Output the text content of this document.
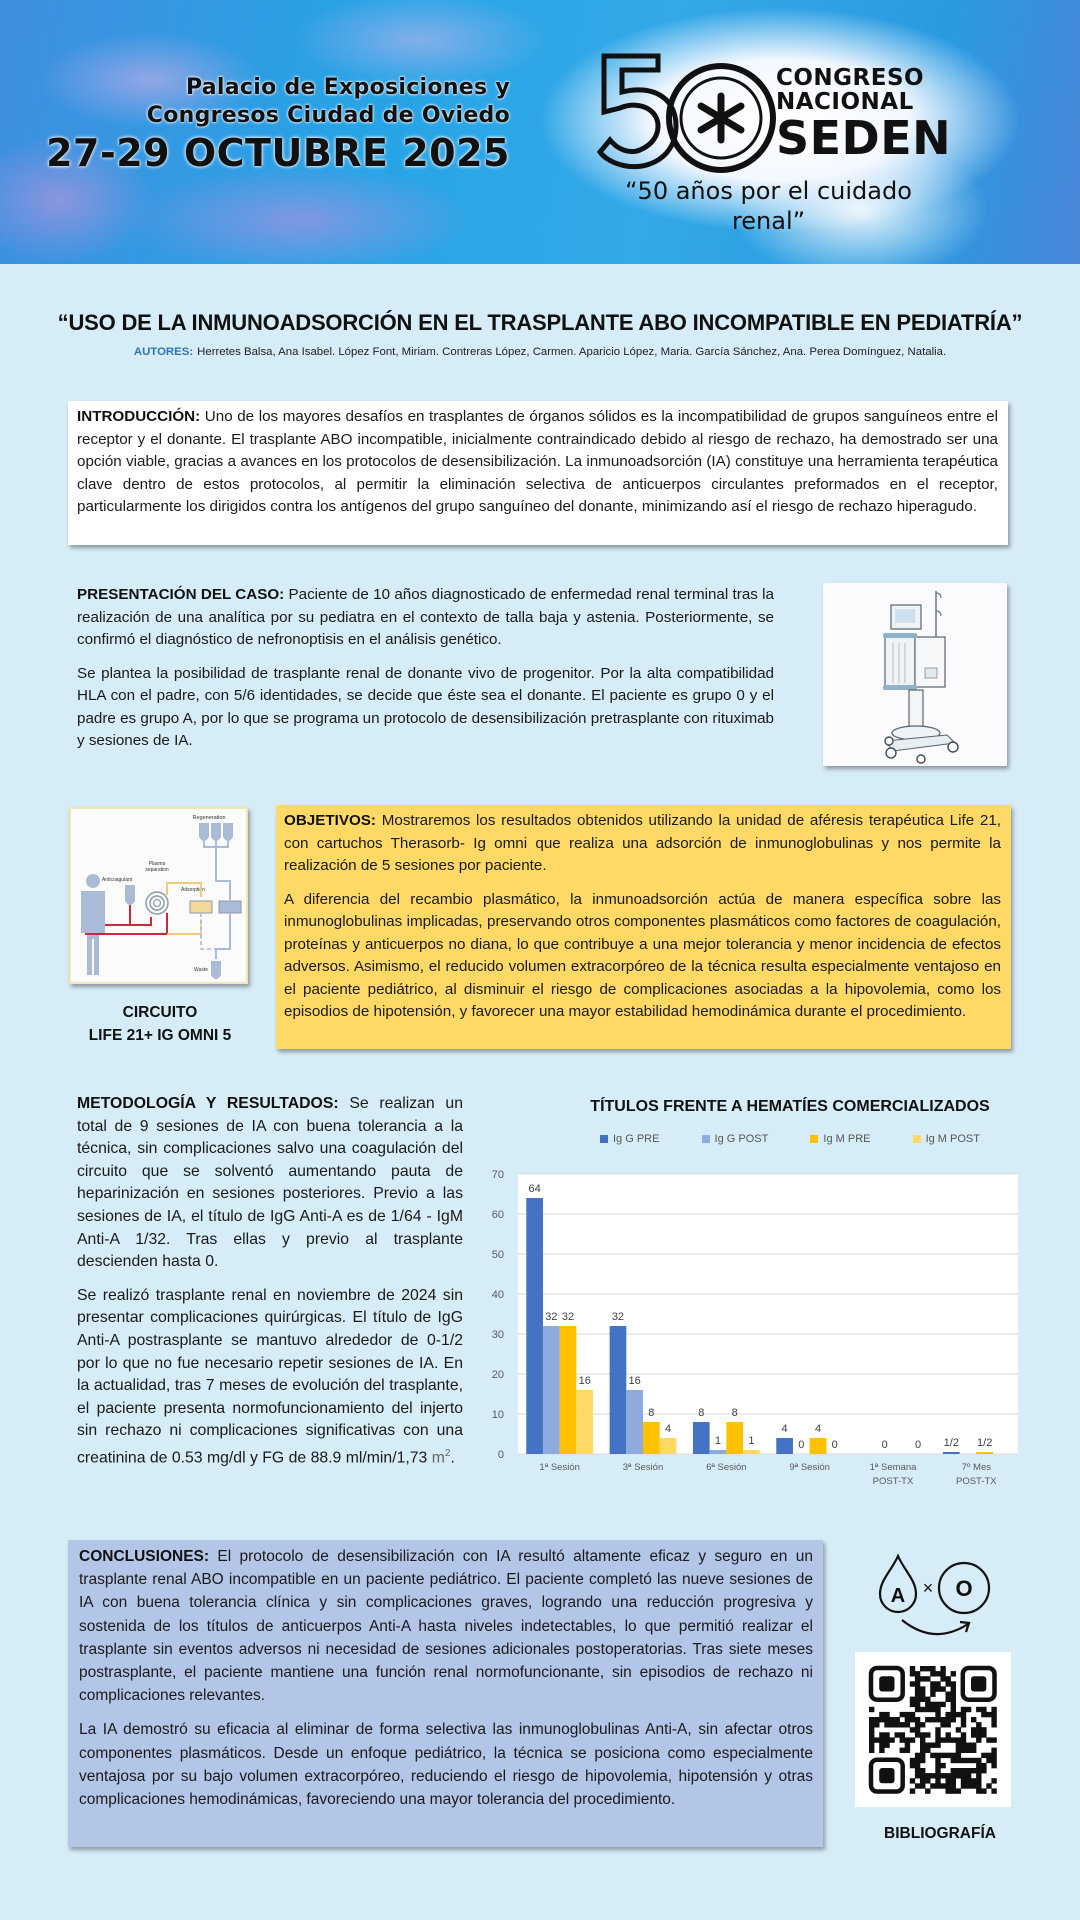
Palacio de Exposiciones y
Congresos Ciudad de Oviedo
27-29 OCTUBRE 2025
CONGRESO
NACIONAL
SEDEN
“50 años por el cuidado renal”
“USO DE LA INMUNOADSORCIÓN EN EL TRASPLANTE ABO INCOMPATIBLE EN PEDIATRÍA”
AUTORES: Herretes Balsa, Ana Isabel. López Font, Miriam. Contreras López, Carmen. Aparicio López, Maria. García Sánchez, Ana. Perea Domínguez, Natalia.
INTRODUCCIÓN: Uno de los mayores desafíos en trasplantes de órganos sólidos es la incompatibilidad de grupos sanguíneos entre el receptor y el donante. El trasplante ABO incompatible, inicialmente contraindicado debido al riesgo de rechazo, ha demostrado ser una opción viable, gracias a avances en los protocolos de desensibilización. La inmunoadsorción (IA) constituye una herramienta terapéutica clave dentro de estos protocolos, al permitir la eliminación selectiva de anticuerpos circulantes preformados en el receptor, particularmente los dirigidos contra los antígenos del grupo sanguíneo del donante, minimizando así el riesgo de rechazo hiperagudo.

PRESENTACIÓN DEL CASO: Paciente de 10 años diagnosticado de enfermedad renal terminal tras la realización de una analítica por su pediatra en el contexto de talla baja y astenia. Posteriormente, se confirmó el diagnóstico de nefronoptisis en el análisis genético.

Se plantea la posibilidad de trasplante renal de donante vivo de progenitor. Por la alta compatibilidad HLA con el padre, con 5/6 identidades, se decide que éste sea el donante. El paciente es grupo 0 y el padre es grupo A, por lo que se programa un protocolo de desensibilización pretrasplante con rituximab y sesiones de IA.

Regeneration
Plasma
separation
Anticoagulant
Adsorption
Waste
CIRCUITO
LIFE 21+ IG OMNI 5

OBJETIVOS: Mostraremos los resultados obtenidos utilizando la unidad de aféresis terapéutica Life 21, con cartuchos Therasorb- Ig omni que realiza una adsorción de inmunoglobulinas y nos permite la realización de 5 sesiones por paciente.

A diferencia del recambio plasmático, la inmunoadsorción actúa de manera específica sobre las inmunoglobulinas implicadas, preservando otros componentes plasmáticos como factores de coagulación, proteínas y anticuerpos no diana, lo que contribuye a una mejor tolerancia y menor incidencia de efectos adversos. Asimismo, el reducido volumen extracorpóreo de la técnica resulta especialmente ventajoso en el paciente pediátrico, al disminuir el riesgo de complicaciones asociadas a la hipovolemia, como los episodios de hipotensión, y favorecer una mayor estabilidad hemodinámica durante el procedimiento.

METODOLOGÍA Y RESULTADOS: Se realizan un total de 9 sesiones de IA con buena tolerancia a la técnica, sin complicaciones salvo una coagulación del circuito que se solventó aumentando pauta de heparinización en sesiones posteriores. Previo a las sesiones de IA, el título de IgG Anti-A es de 1/64 - IgM Anti-A 1/32. Tras ellas y previo al trasplante descienden hasta 0.

Se realizó trasplante renal en noviembre de 2024 sin presentar complicaciones quirúrgicas. El título de IgG Anti-A postrasplante se mantuvo alrededor de 0-1/2 por lo que no fue necesario repetir sesiones de IA. En la actualidad, tras 7 meses de evolución del trasplante, el paciente presenta normofuncionamiento del injerto sin rechazo ni complicaciones significativas con una creatinina de 0.53 mg/dl y FG de 88.9 ml/min/1,73 $m^2$.

TÍTULOS FRENTE A HEMATÍES COMERCIALIZADOS
Ig G PRE	Ig G POST	Ig M PRE	Ig M POST
0
10
20
30
40
50
60
70
64
32 32
16
1ª Sesión
32
16
8
4
3ª Sesión
8
1
8
1
6ª Sesión
4
0
4
0
9ª Sesión
0 0
1ª Semana
POST-TX
1/2 1/2
7º Mes
POST-TX

CONCLUSIONES: El protocolo de desensibilización con IA resultó altamente eficaz y seguro en un trasplante renal ABO incompatible en un paciente pediátrico. El paciente completó las nueve sesiones de IA con buena tolerancia clínica y sin complicaciones graves, logrando una reducción progresiva y sostenida de los títulos de anticuerpos Anti-A hasta niveles indetectables, lo que permitió realizar el trasplante sin eventos adversos ni necesidad de sesiones adicionales postoperatorias. Tras siete meses postrasplante, el paciente mantiene una función renal normofuncionante, sin episodios de rechazo ni complicaciones relevantes.

La IA demostró su eficacia al eliminar de forma selectiva las inmunoglobulinas Anti-A, sin afectar otros componentes plasmáticos. Desde un enfoque pediátrico, la técnica se posiciona como especialmente ventajosa por su bajo volumen extracorpóreo, reduciendo el riesgo de hipovolemia, hipotensión y otras complicaciones hemodinámicas, favoreciendo una mayor tolerancia del procedimiento.

A × O
BIBLIOGRAFÍA
